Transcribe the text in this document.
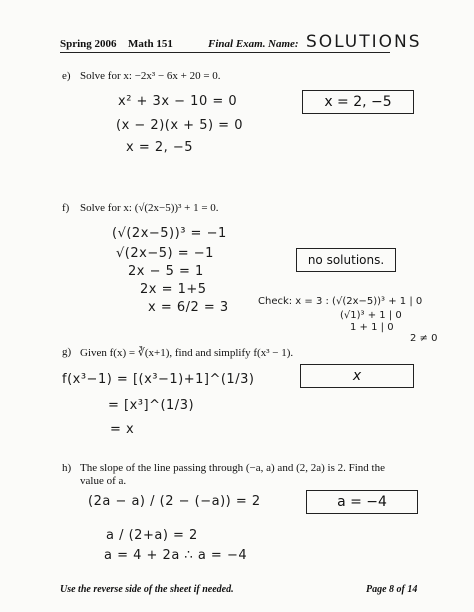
Spring 2006 Math 151	Final Exam. Name: SOLUTIONS
e) Solve for x: −2x³ − 6x + 20 = 0.
x² + 3x − 10 = 0
(x − 2)(x + 5) = 0
x = 2, −5
x = 2, −5
f) Solve for x: (√(2x−5))³ + 1 = 0.
(√(2x−5))³ = −1
√(2x−5) = −1
2x − 5 = 1
2x = 1+5
x = 6/2 = 3	Check: x = 3 : (√(2x−5))³ + 1 | 0
(√1)³ + 1 | 0
1 + 1 | 0
2 ≠ 0
no solutions.
g) Given f(x) = ∛(x+1), find and simplify f(x³ − 1).
f(x³−1) = [(x³−1)+1]^(1/3)
= [x³]^(1/3)
= x
x
h) The slope of the line passing through (−a, a) and (2, 2a) is 2. Find the value of a.
(2a − a) / (2 − (−a)) = 2
a / (2+a) = 2
a = 4 + 2a ∴ a = −4
a = −4
Use the reverse side of the sheet if needed.	Page 8 of 14
